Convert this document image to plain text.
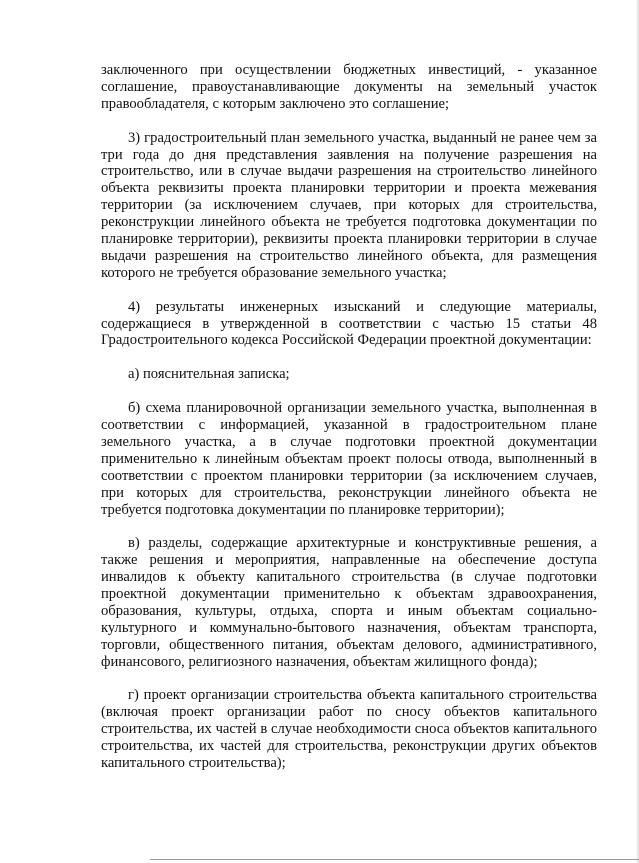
заключенного при осуществлении бюджетных инвестиций, - указанное соглашение, правоустанавливающие документы на земельный участок правообладателя, с которым заключено это соглашение;

3) градостроительный план земельного участка, выданный не ранее чем за три года до дня представления заявления на получение разрешения на строительство, или в случае выдачи разрешения на строительство линейного объекта реквизиты проекта планировки территории и проекта межевания территории (за исключением случаев, при которых для строительства, реконструкции линейного объекта не требуется подготовка документации по планировке территории), реквизиты проекта планировки территории в случае выдачи разрешения на строительство линейного объекта, для размещения которого не требуется образование земельного участка;

4) результаты инженерных изысканий и следующие материалы, содержащиеся в утвержденной в соответствии с частью 15 статьи 48 Градостроительного кодекса Российской Федерации проектной документации:

а) пояснительная записка;

б) схема планировочной организации земельного участка, выполненная в соответствии с информацией, указанной в градостроительном плане земельного участка, а в случае подготовки проектной документации применительно к линейным объектам проект полосы отвода, выполненный в соответствии с проектом планировки территории (за исключением случаев, при которых для строительства, реконструкции линейного объекта не требуется подготовка документации по планировке территории);

в) разделы, содержащие архитектурные и конструктивные решения, а также решения и мероприятия, направленные на обеспечение доступа инвалидов к объекту капитального строительства (в случае подготовки проектной документации применительно к объектам здравоохранения, образования, культуры, отдыха, спорта и иным объектам социально-культурного и коммунально-бытового назначения, объектам транспорта, торговли, общественного питания, объектам делового, административного, финансового, религиозного назначения, объектам жилищного фонда);

г) проект организации строительства объекта капитального строительства (включая проект организации работ по сносу объектов капитального строительства, их частей в случае необходимости сноса объектов капитального строительства, их частей для строительства, реконструкции других объектов капитального строительства);
